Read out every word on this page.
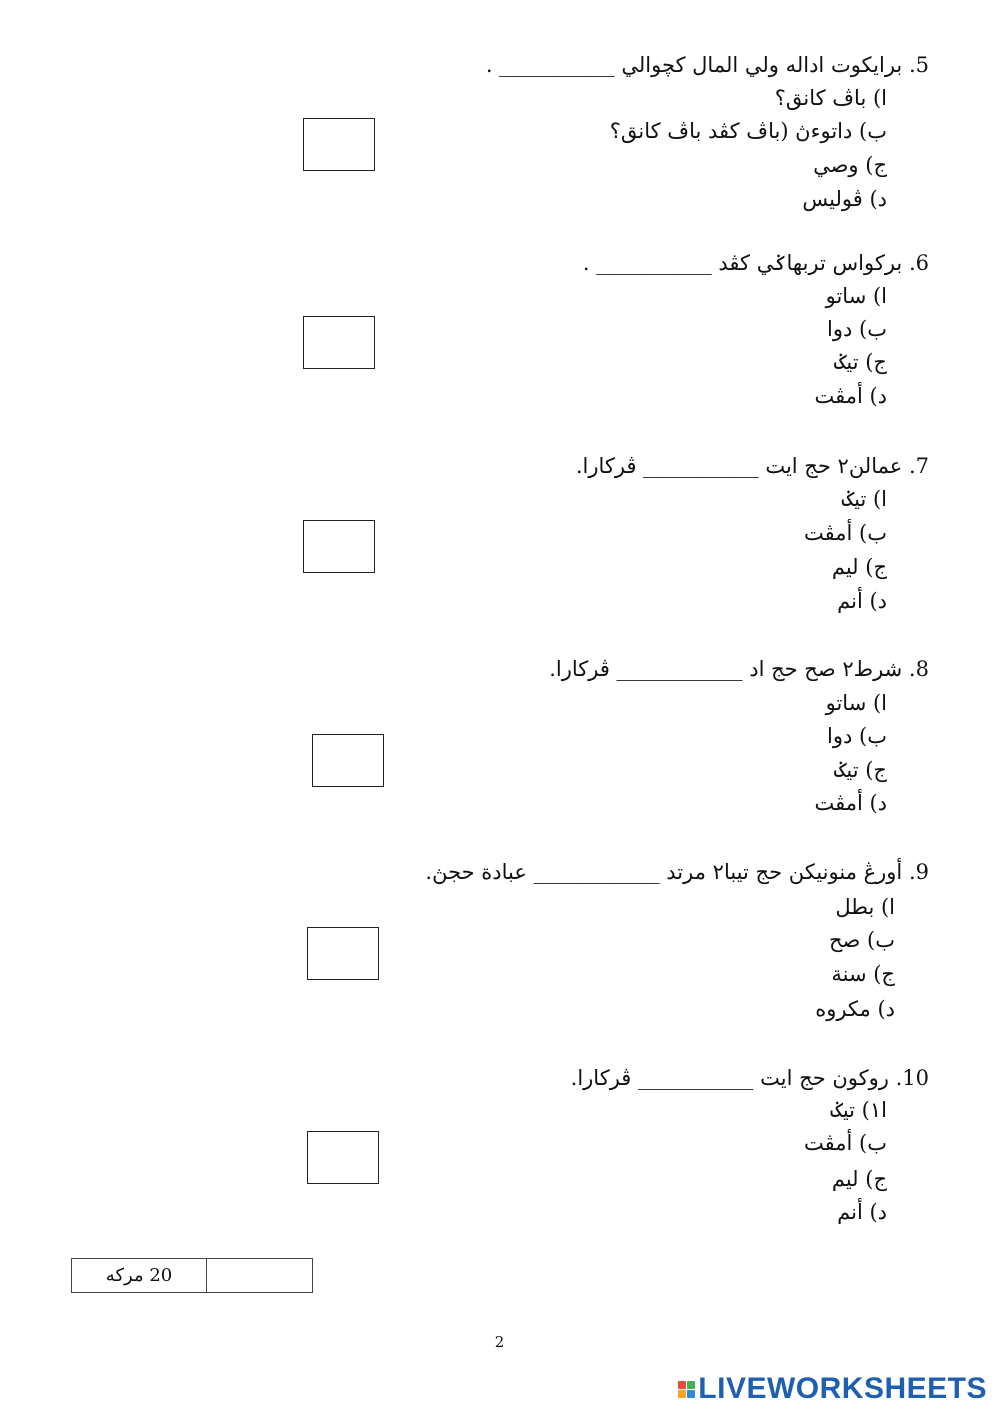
5. برايكوت اداله ولي المال كچوالي ___________ .
ا) باڤ كانق؟
ب) داتوءڽ (باڤ كڤد باڤ كانق؟
ج) وصي
د) ڤوليس
6. بركواس تربهاݢي كڤد ___________ .
ا) ساتو
ب) دوا
ج) تيݢ
د) أمڤت
7. عمالن٢ حج ايت ___________ ڤركارا.
ا) تيݢ
ب) أمڤت
ج) ليم
د) أنم
8. شرط٢ صح حج اد ____________ ڤركارا.
ا) ساتو
ب) دوا
ج) تيݢ
د) أمڤت
9. أورڠ منونيكن حج تيبا٢ مرتد ____________ عبادة حجڽ.
ا) بطل
ب) صح
ج) سنة
د) مكروه
10. روكون حج ايت ___________ ڤركارا.
ا١) تيݢ
ب) أمڤت
ج) ليم
د) أنم
20 مركه
2
LIVEWORKSHEETS
